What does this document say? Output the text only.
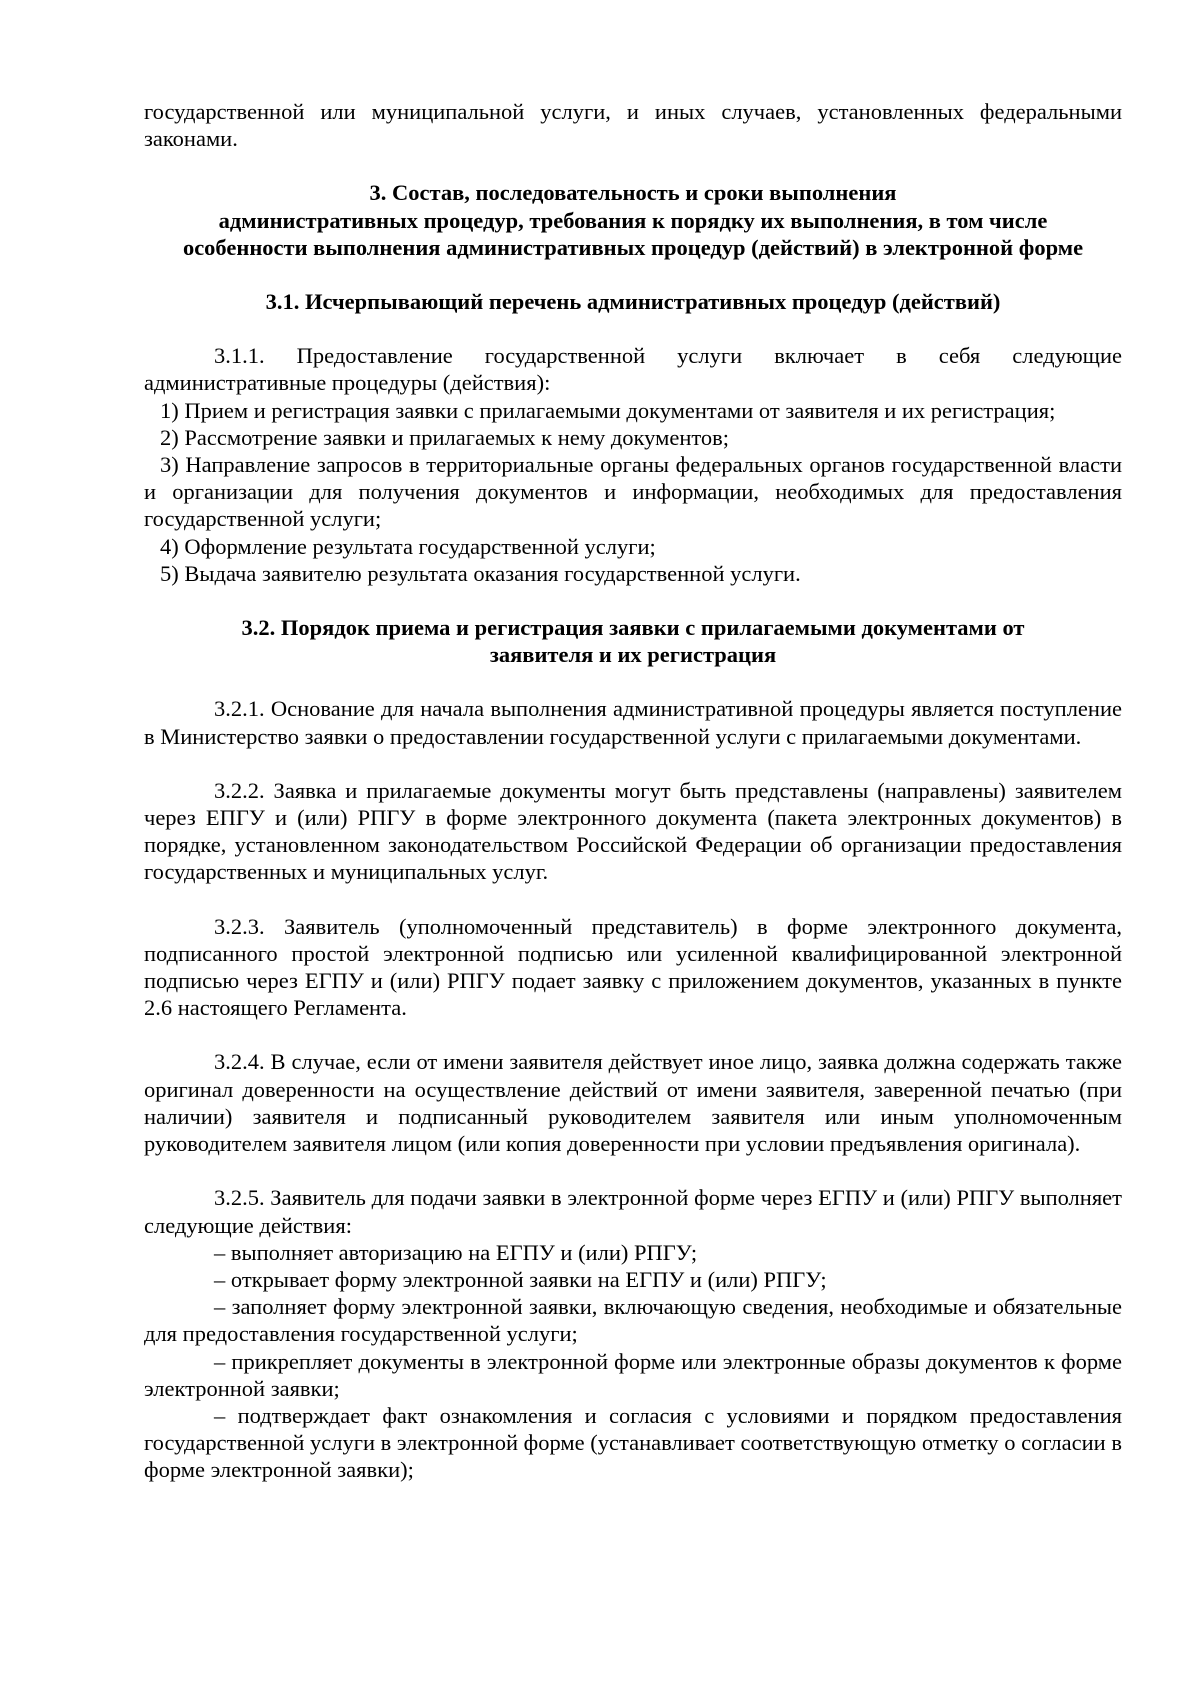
государственной или муниципальной услуги, и иных случаев, установленных федеральными законами.

3. Состав, последовательность и сроки выполнения

административных процедур, требования к порядку их выполнения, в том числе

особенности выполнения административных процедур (действий) в электронной форме

3.1. Исчерпывающий перечень административных процедур (действий)

3.1.1. Предоставление государственной услуги включает в себя следующие административные процедуры (действия):

1) Прием и регистрация заявки с прилагаемыми документами от заявителя и их регистрация;

2) Рассмотрение заявки и прилагаемых к нему документов;

3) Направление запросов в территориальные органы федеральных органов государственной власти и организации для получения документов и информации, необходимых для предоставления государственной услуги;

4) Оформление результата государственной услуги;

5) Выдача заявителю результата оказания государственной услуги.

3.2. Порядок приема и регистрация заявки с прилагаемыми документами от

заявителя и их регистрация

3.2.1. Основание для начала выполнения административной процедуры является поступление в Министерство заявки о предоставлении государственной услуги с прилагаемыми документами.

3.2.2. Заявка и прилагаемые документы могут быть представлены (направлены) заявителем через ЕПГУ и (или) РПГУ в форме электронного документа (пакета электронных документов) в порядке, установленном законодательством Российской Федерации об организации предоставления государственных и муниципальных услуг.

3.2.3. Заявитель (уполномоченный представитель) в форме электронного документа, подписанного простой электронной подписью или усиленной квалифицированной электронной подписью через ЕГПУ и (или) РПГУ подает заявку с приложением документов, указанных в пункте 2.6 настоящего Регламента.

3.2.4. В случае, если от имени заявителя действует иное лицо, заявка должна содержать также оригинал доверенности на осуществление действий от имени заявителя, заверенной печатью (при наличии) заявителя и подписанный руководителем заявителя или иным уполномоченным руководителем заявителя лицом (или копия доверенности при условии предъявления оригинала).

3.2.5. Заявитель для подачи заявки в электронной форме через ЕГПУ и (или) РПГУ выполняет следующие действия:

– выполняет авторизацию на ЕГПУ и (или) РПГУ;

– открывает форму электронной заявки на ЕГПУ и (или) РПГУ;

– заполняет форму электронной заявки, включающую сведения, необходимые и обязательные для предоставления государственной услуги;

– прикрепляет документы в электронной форме или электронные образы документов к форме электронной заявки;

– подтверждает факт ознакомления и согласия с условиями и порядком предоставления государственной услуги в электронной форме (устанавливает соответствующую отметку о согласии в форме электронной заявки);
